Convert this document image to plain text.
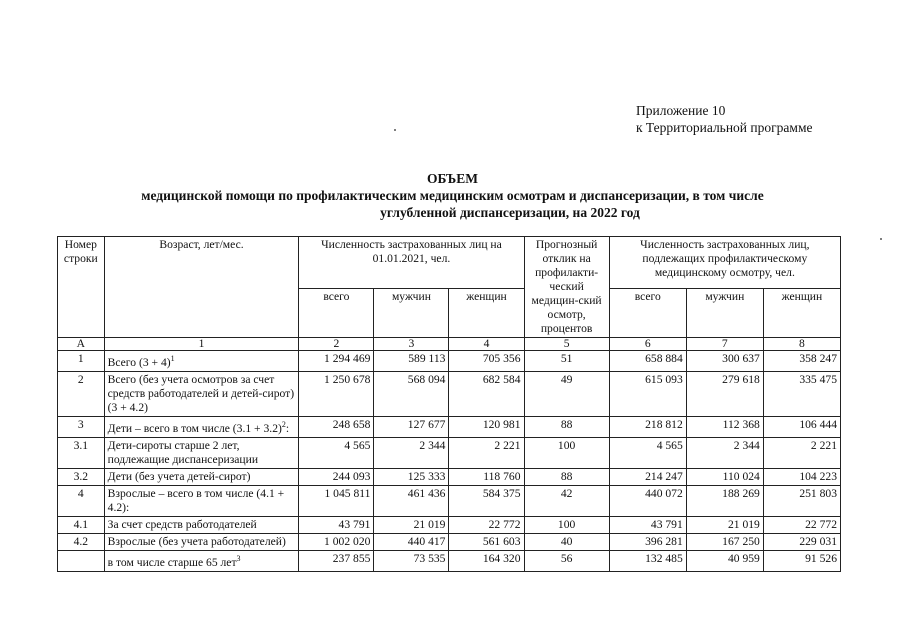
Приложение 10
к Территориальной программе
ОБЪЕМ
медицинской помощи по профилактическим медицинским осмотрам и диспансеризации, в том числе
углубленной диспансеризации, на 2022 год
Номер строки	Возраст, лет/мес.	Численность застрахованных лиц на 01.01.2021, чел.			Прогнозный отклик на профилакти-ческий медицин-ский осмотр, процентов	Численность застрахованных лиц, подлежащих профилактическому медицинскому осмотру, чел.		
		всего	мужчин	женщин		всего	мужчин	женщин
А	1	2	3	4	5	6	7	8
1	Всего $(3 + 4)^1$	1 294 469	589 113	705 356	51	658 884	300 637	358 247
2	Всего (без учета осмотров за счет средств работодателей и детей-сирот) (3 + 4.2)	1 250 678	568 094	682 584	49	615 093	279 618	335 475
3	Дети – всего в том числе $(3.1 + 3.2)^2$:	248 658	127 677	120 981	88	218 812	112 368	106 444
3.1	Дети-сироты старше 2 лет, подлежащие диспансеризации	4 565	2 344	2 221	100	4 565	2 344	2 221
3.2	Дети (без учета детей-сирот)	244 093	125 333	118 760	88	214 247	110 024	104 223
4	Взрослые – всего в том числе (4.1 + 4.2):	1 045 811	461 436	584 375	42	440 072	188 269	251 803
4.1	За счет средств работодателей	43 791	21 019	22 772	100	43 791	21 019	22 772
4.2	Взрослые (без учета работодателей)	1 002 020	440 417	561 603	40	396 281	167 250	229 031
	в том числе старше 65 лет$^3$	237 855	73 535	164 320	56	132 485	40 959	91 526
